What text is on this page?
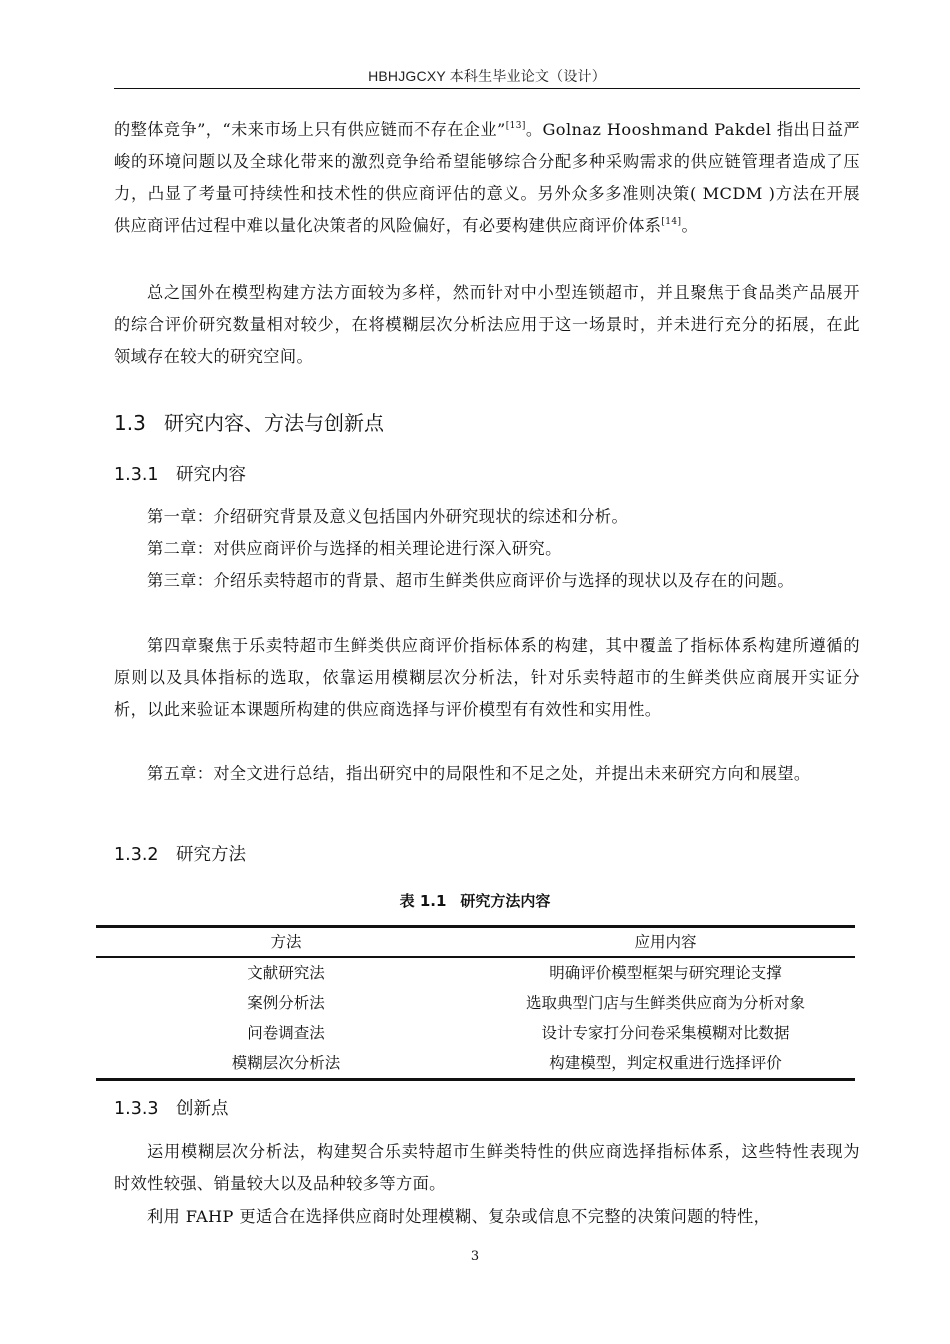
HBHJGCXY 本科生毕业论文（设计）
的整体竞争”，“未来市场上只有供应链而不存在企业”[13]。Golnaz Hooshmand Pakdel 指出日益严峻的环境问题以及全球化带来的激烈竞争给希望能够综合分配多种采购需求的供应链管理者造成了压力，凸显了考量可持续性和技术性的供应商评估的意义。另外众多多准则决策( MCDM )方法在开展供应商评估过程中难以量化决策者的风险偏好，有必要构建供应商评价体系[14]。
总之国外在模型构建方法方面较为多样，然而针对中小型连锁超市，并且聚焦于食品类产品展开的综合评价研究数量相对较少，在将模糊层次分析法应用于这一场景时，并未进行充分的拓展，在此领域存在较大的研究空间。
1.3 研究内容、方法与创新点
1.3.1 研究内容
第一章：介绍研究背景及意义包括国内外研究现状的综述和分析。
第二章：对供应商评价与选择的相关理论进行深入研究。
第三章：介绍乐卖特超市的背景、超市生鲜类供应商评价与选择的现状以及存在的问题。
第四章聚焦于乐卖特超市生鲜类供应商评价指标体系的构建，其中覆盖了指标体系构建所遵循的原则以及具体指标的选取，依靠运用模糊层次分析法，针对乐卖特超市的生鲜类供应商展开实证分析，以此来验证本课题所构建的供应商选择与评价模型有有效性和实用性。
第五章：对全文进行总结，指出研究中的局限性和不足之处，并提出未来研究方向和展望。
1.3.2 研究方法
表 1.1 研究方法内容
方法	应用内容
文献研究法	明确评价模型框架与研究理论支撑
案例分析法	选取典型门店与生鲜类供应商为分析对象
问卷调查法	设计专家打分问卷采集模糊对比数据
模糊层次分析法	构建模型，判定权重进行选择评价
1.3.3 创新点
运用模糊层次分析法，构建契合乐卖特超市生鲜类特性的供应商选择指标体系，这些特性表现为时效性较强、销量较大以及品种较多等方面。
利用 FAHP 更适合在选择供应商时处理模糊、复杂或信息不完整的决策问题的特性，
3
